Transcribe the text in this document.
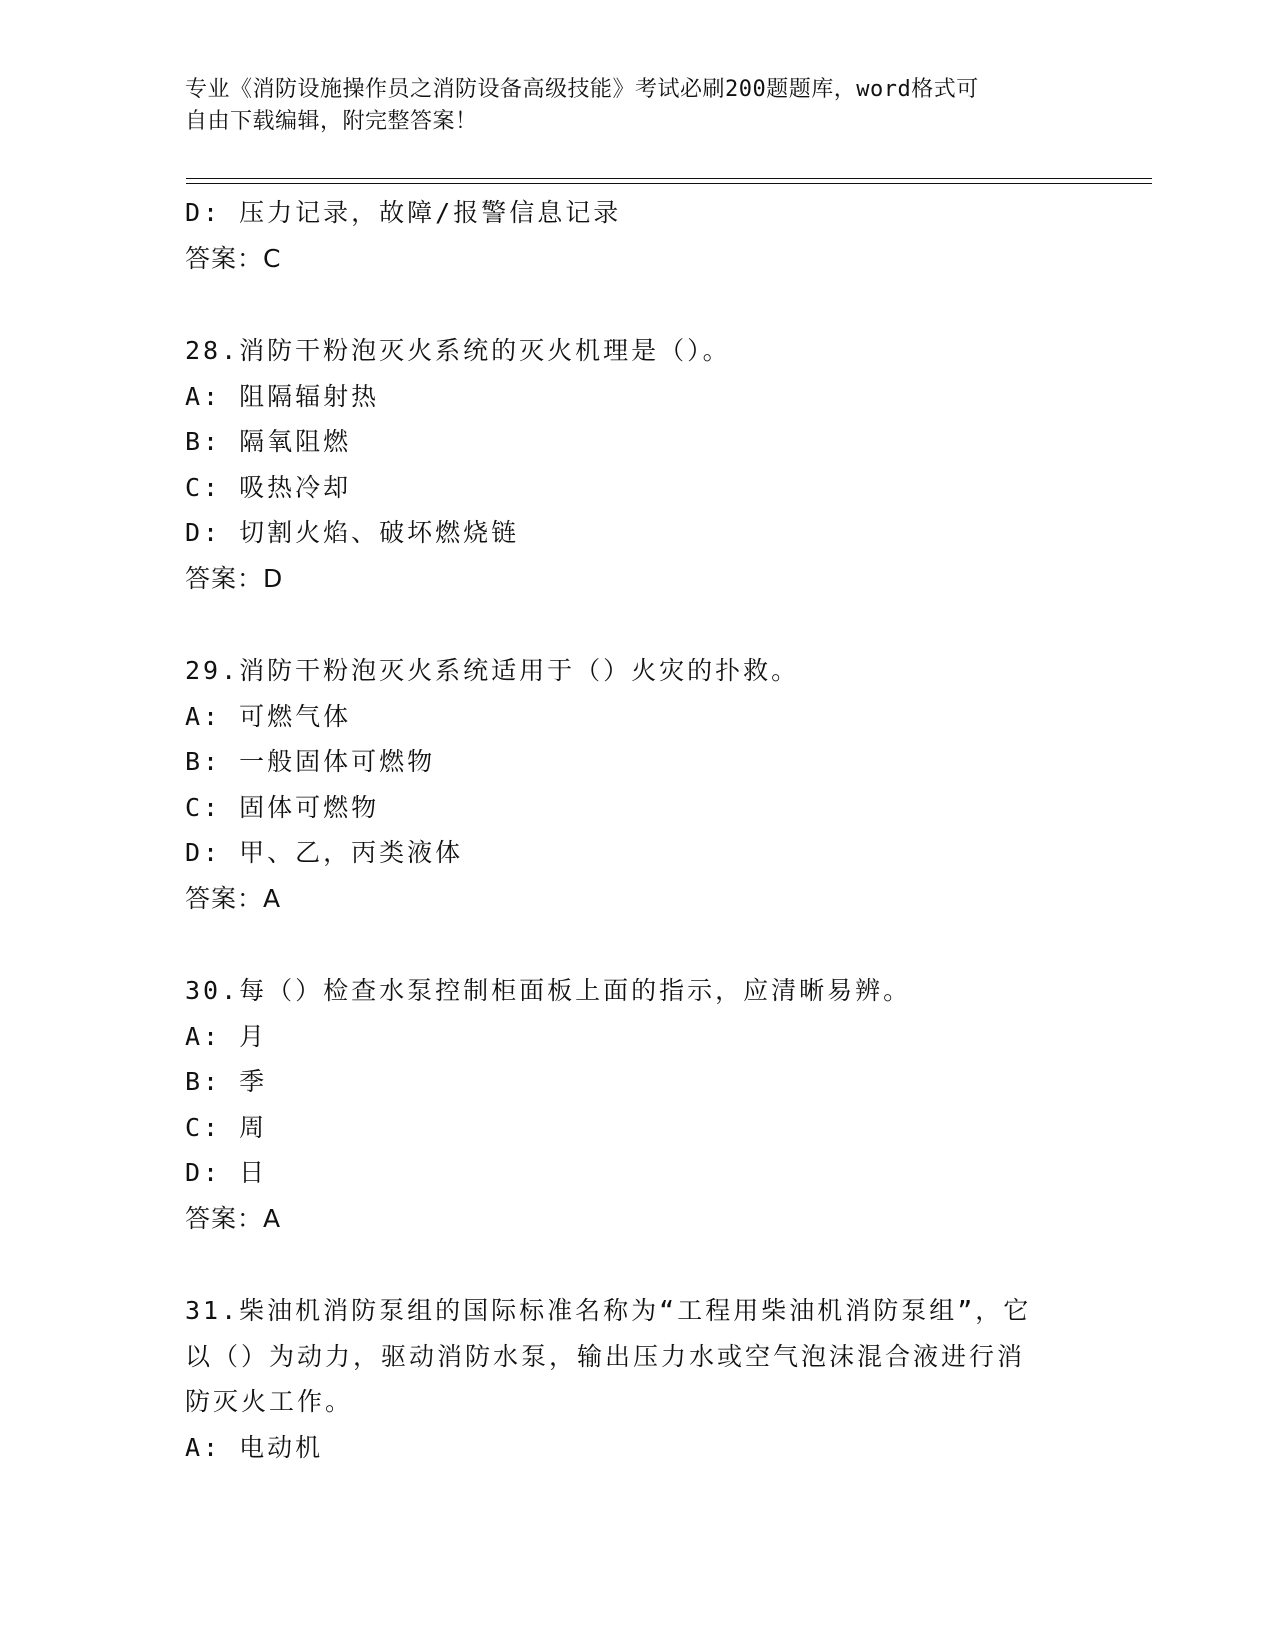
专业《消防设施操作员之消防设备高级技能》考试必刷200题题库，word格式可
自由下载编辑，附完整答案！
D: 压力记录，故障/报警信息记录
答案：C
28.消防干粉泡灭火系统的灭火机理是（）。
A: 阻隔辐射热
B: 隔氧阻燃
C: 吸热冷却
D: 切割火焰、破坏燃烧链
答案：D
29.消防干粉泡灭火系统适用于（）火灾的扑救。
A: 可燃气体
B: 一般固体可燃物
C: 固体可燃物
D: 甲、乙，丙类液体
答案：A
30.每（）检查水泵控制柜面板上面的指示，应清晰易辨。
A: 月
B: 季
C: 周
D: 日
答案：A
31.柴油机消防泵组的国际标准名称为“工程用柴油机消防泵组”，它
以（）为动力，驱动消防水泵，输出压力水或空气泡沫混合液进行消
防灭火工作。
A: 电动机
